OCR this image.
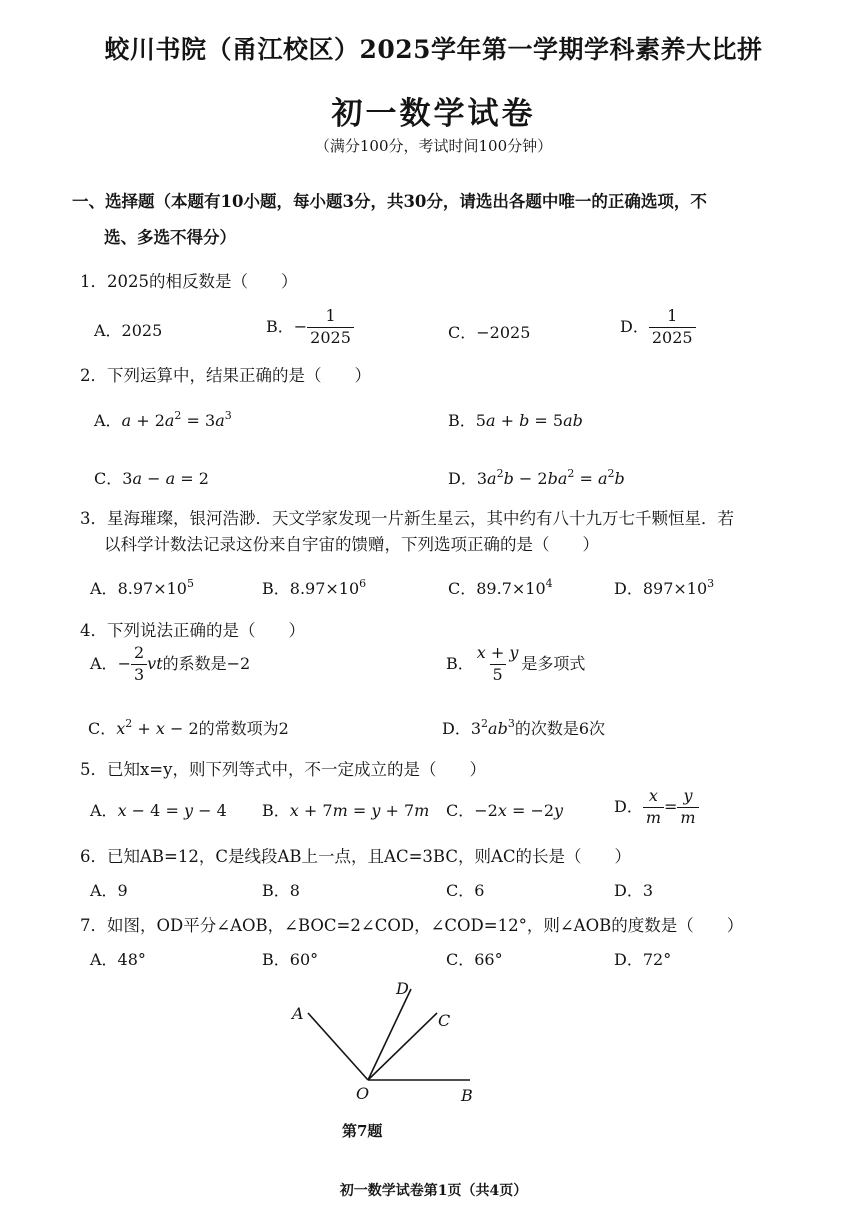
蛟川书院（甬江校区）2025学年第一学期学科素养大比拼
初一数学试卷
（满分100分，考试时间100分钟）
一、选择题（本题有10小题，每小题3分，共30分，请选出各题中唯一的正确选项，不
选、多选不得分）
1．2025的相反数是（　　）
A．2025	B．− $\frac{1}{2025}$	C．−2025	D． $\frac{1}{2025}$
2．下列运算中，结果正确的是（　　）
A．$a + 2a^2 = 3a^3$	B．5a + b = 5ab
C．3a − a = 2	D．$3a^2b - 2ba^2 = a^2b$
3．星海璀璨，银河浩渺．天文学家发现一片新生星云，其中约有八十九万七千颗恒星．若
以科学计数法记录这份来自宇宙的馈赠，下列选项正确的是（　　）
A．$8.97\times 10^5$	B．$8.97\times 10^6$	C．$89.7\times 10^4$	D．$897\times 10^3$
4．下列说法正确的是（　　）
A．− $\frac{2}{3}$ vt的系数是−2	B． $\frac{x + y}{5}$ 是多项式
C．$x^2 + x - 2$的常数项为2	D．$3^2ab^3$的次数是6次
5．已知x=y，则下列等式中，不一定成立的是（　　）
A．x − 4 = y − 4 B．x + 7m = y + 7m C．−2x = −2y	D． $\frac{x}{m} = \frac{y}{m}$
6．已知AB=12，C是线段AB上一点，且AC=3BC，则AC的长是（　　）
A．9	B．8	C．6	D．3
7．如图，OD平分∠AOB，∠BOC=2∠COD，∠COD=12°，则∠AOB的度数是（　　）
A．48°	B．60°	C．66°	D．72°
A
D
C
O	B
第7题
初一数学试卷第1页（共4页）
